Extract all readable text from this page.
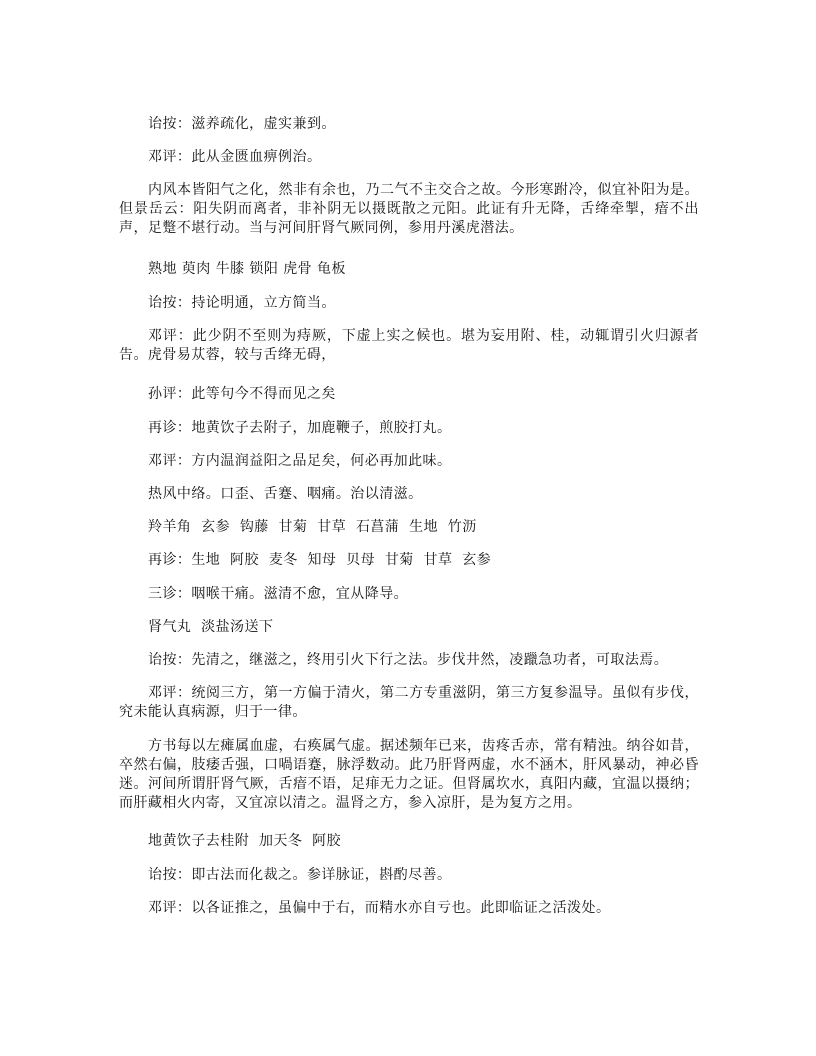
诒按：滋养疏化，虚实兼到。

邓评：此从金匮血痹例治。

内风本皆阳气之化，然非有余也，乃二气不主交合之故。今形寒跗冷，似宜补阳为是。但景岳云：阳失阴而离者，非补阴无以摄既散之元阳。此证有升无降，舌绛牵掣，瘖不出声，足蹩不堪行动。当与河间肝肾气厥同例，参用丹溪虎潜法。

熟地 萸肉 牛膝 锁阳 虎骨 龟板

诒按：持论明通，立方简当。

邓评：此少阴不至则为痔厥，下虚上实之候也。堪为妄用附、桂，动辄谓引火归源者告。虎骨易苁蓉，较与舌绛无碍，

孙评：此等句今不得而见之矣

再诊：地黄饮子去附子，加鹿鞭子，煎胶打丸。

邓评：方内温润益阳之品足矣，何必再加此味。

热风中络。口歪、舌蹇、咽痛。治以清滋。

羚羊角  玄参  钩藤  甘菊  甘草  石菖蒲  生地  竹沥

再诊：生地  阿胶  麦冬  知母  贝母  甘菊  甘草  玄参

三诊：咽喉干痛。滋清不愈，宜从降导。

肾气丸  淡盐汤送下

诒按：先清之，继滋之，终用引火下行之法。步伐井然，凌躐急功者，可取法焉。

邓评：统阅三方，第一方偏于清火，第二方专重滋阴，第三方复参温导。虽似有步伐，究未能认真病源，归于一律。

方书每以左瘫属血虚，右痪属气虚。据述频年已来，齿疼舌赤，常有精浊。纳谷如昔，卒然右偏，肢痿舌强，口喎语蹇，脉浮数动。此乃肝肾两虚，水不涵木，肝风暴动，神必昏迷。河间所谓肝肾气厥，舌瘖不语，足痱无力之证。但肾属坎水，真阳内藏，宜温以摄纳；而肝藏相火内寄，又宜凉以清之。温肾之方，参入凉肝，是为复方之用。

地黄饮子去桂附  加天冬  阿胶

诒按：即古法而化裁之。参详脉证，斟酌尽善。

邓评：以各证推之，虽偏中于右，而精水亦自亏也。此即临证之活泼处。
